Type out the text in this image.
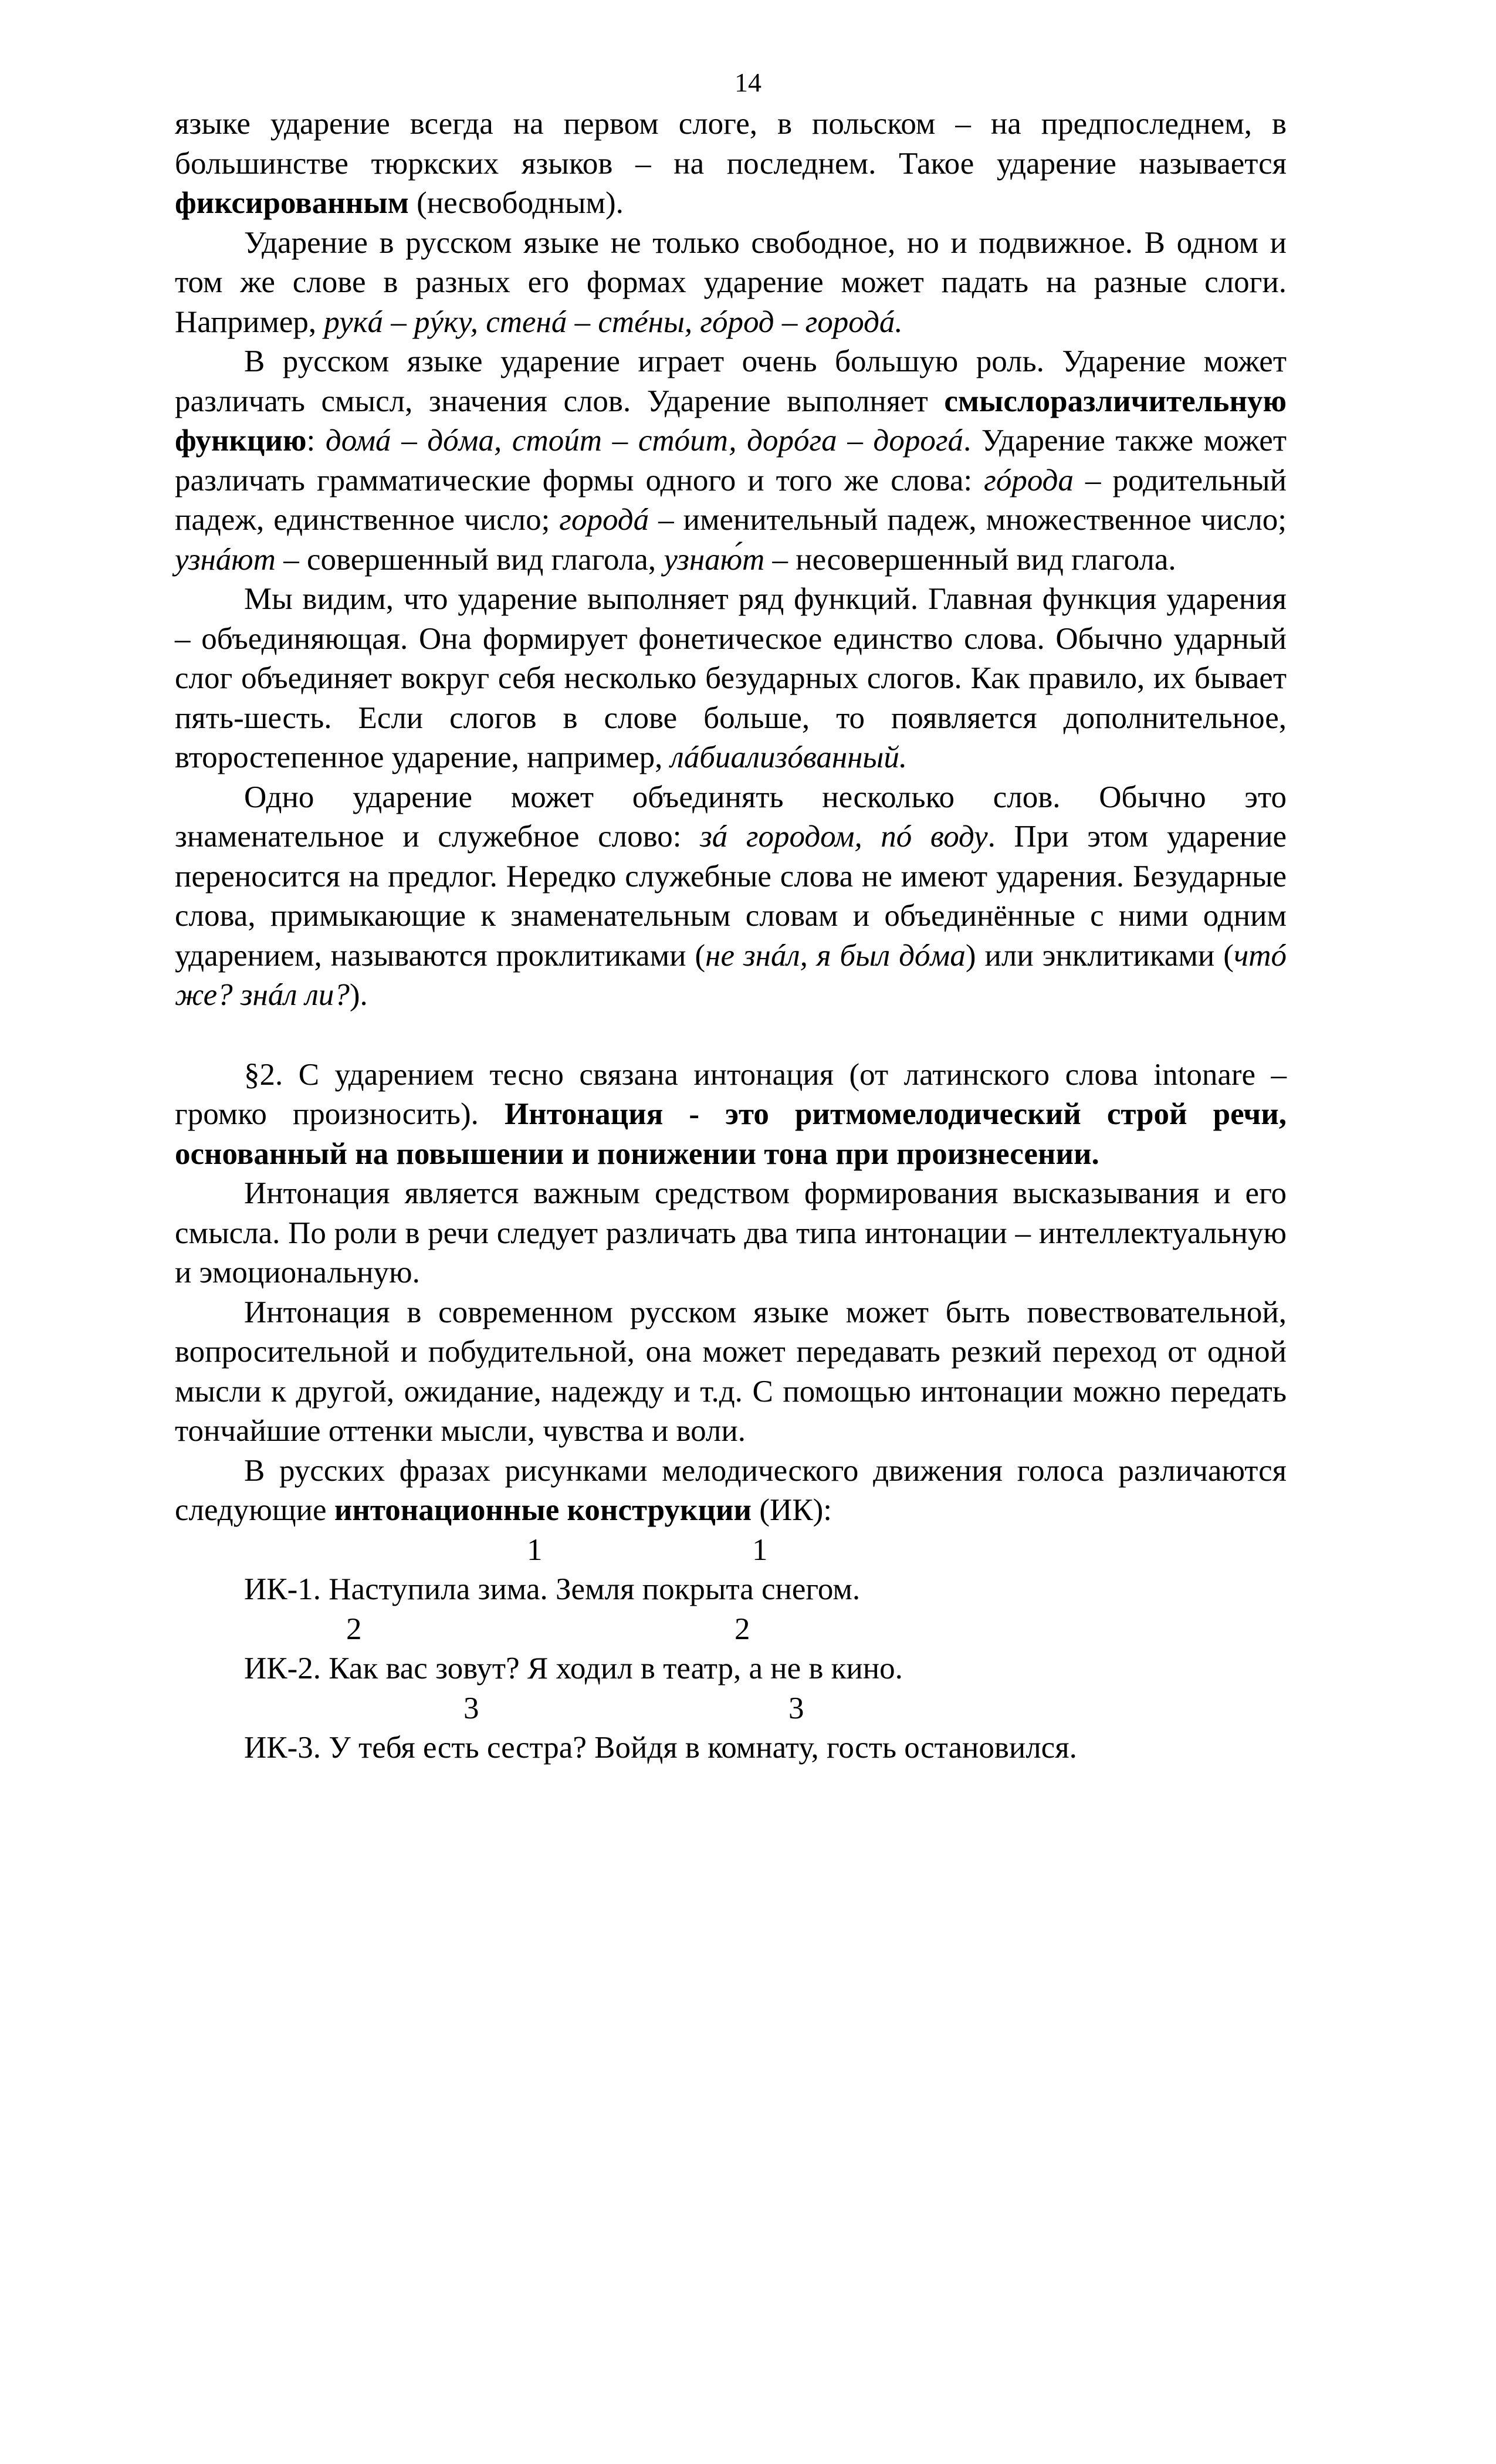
14

языке ударение всегда на первом слоге, в польском – на предпоследнем, в большинстве тюркских языков – на последнем. Такое ударение называется фиксированным (несвободным).

Ударение в русском языке не только свободное, но и подвижное. В одном и том же слове в разных его формах ударение может падать на разные слоги. Например, рукá – рýку, стенá – стéны, гóрод – городá.

В русском языке ударение играет очень большую роль. Ударение может различать смысл, значения слов. Ударение выполняет смыслоразличительную функцию: домá – дóма, стоúт – стóит, дорóга – дорогá. Ударение также может различать грамматические формы одного и того же слова: гóрода – родительный падеж, единственное число; городá – именительный падеж, множественное число; узнáют – совершенный вид глагола, узнаю́т – несовершенный вид глагола.

Мы видим, что ударение выполняет ряд функций. Главная функция ударения – объединяющая. Она формирует фонетическое единство слова. Обычно ударный слог объединяет вокруг себя несколько безударных слогов. Как правило, их бывает пять-шесть. Если слогов в слове больше, то появляется дополнительное, второстепенное ударение, например, лáбиализóванный.

Одно ударение может объединять несколько слов. Обычно это знаменательное и служебное слово: зá городом, пó воду. При этом ударение переносится на предлог. Нередко служебные слова не имеют ударения. Безударные слова, примыкающие к знаменательным словам и объединённые с ними одним ударением, называются проклитиками (не знáл, я был дóма) или энклитиками (чтó же? знáл ли?).

§2. С ударением тесно связана интонация (от латинского слова intonare – громко произносить). Интонация - это ритмомелодический строй речи, основанный на повышении и понижении тона при произнесении.

Интонация является важным средством формирования высказывания и его смысла. По роли в речи следует различать два типа интонации – интеллектуальную и эмоциональную.

Интонация в современном русском языке может быть повествовательной, вопросительной и побудительной, она может передавать резкий переход от одной мысли к другой, ожидание, надежду и т.д. С помощью интонации можно передать тончайшие оттенки мысли, чувства и воли.

В русских фразах рисунками мелодического движения голоса различаются следующие интонационные конструкции (ИК):

1	1
ИК-1. Наступила зима. Земля покрыта снегом.
2	2
ИК-2. Как вас зовут? Я ходил в театр, а не в кино.
3	3
ИК-3. У тебя есть сестра? Войдя в комнату, гость остановился.
